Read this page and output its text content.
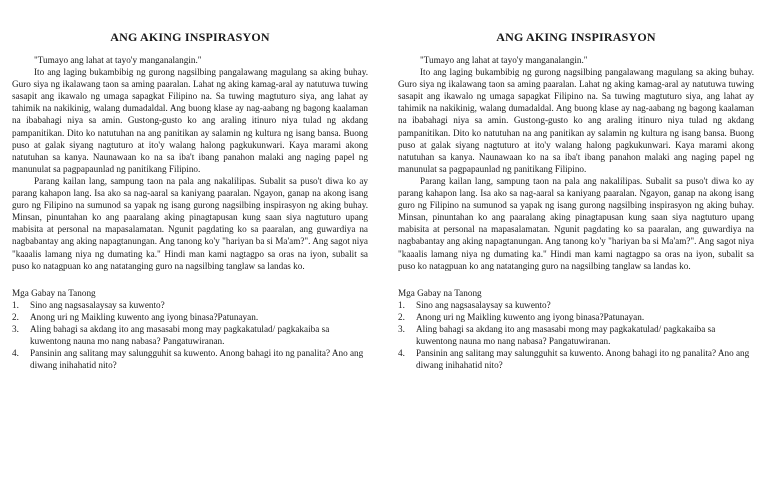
ANG AKING INSPIRASYON

"Tumayo ang lahat at tayo'y manganalangin."

Ito ang laging bukambibig ng gurong nagsilbing pangalawang magulang sa aking buhay. Guro siya ng ikalawang taon sa aming paaralan. Lahat ng aking kamag-aral ay natutuwa tuwing sasapit ang ikawalo ng umaga sapagkat Filipino na. Sa tuwing magtuturo siya, ang lahat ay tahimik na nakikinig, walang dumadaldal. Ang buong klase ay nag-aabang ng bagong kaalaman na ibabahagi niya sa amin. Gustong-gusto ko ang araling itinuro niya tulad ng akdang pampanitikan. Dito ko natutuhan na ang panitikan ay salamin ng kultura ng isang bansa. Buong puso at galak siyang nagtuturo at ito'y walang halong pagkukunwari. Kaya marami akong natutuhan sa kanya. Naunawaan ko na sa iba't ibang panahon malaki ang naging papel ng manunulat sa pagpapaunlad ng panitikang Filipino.

Parang kailan lang, sampung taon na pala ang nakalilipas. Subalit sa puso't diwa ko ay parang kahapon lang. Isa ako sa nag-aaral sa kaniyang paaralan. Ngayon, ganap na akong isang guro ng Filipino na sumunod sa yapak ng isang gurong nagsilbing inspirasyon ng aking buhay. Minsan, pinuntahan ko ang paaralang aking pinagtapusan kung saan siya nagtuturo upang mabisita at personal na mapasalamatan. Ngunit pagdating ko sa paaralan, ang guwardiya na nagbabantay ang aking napagtanungan. Ang tanong ko'y "hariyan ba si Ma'am?". Ang sagot niya "kaaalis lamang niya ng dumating ka." Hindi man kami nagtagpo sa oras na iyon, subalit sa puso ko natagpuan ko ang natatanging guro na nagsilbing tanglaw sa landas ko.

Mga Gabay na Tanong

1.	Sino ang nagsasalaysay sa kuwento?
2.	Anong uri ng Maikling kuwento ang iyong binasa?Patunayan.
3.	Aling bahagi sa akdang ito ang masasabi mong may pagkakatulad/ pagkakaiba sa kuwentong nauna mo nang nabasa? Pangatuwiranan.
4.	Pansinin ang salitang may salungguhit sa kuwento. Anong bahagi ito ng panalita? Ano ang diwang inihahatid nito?
ANG AKING INSPIRASYON

"Tumayo ang lahat at tayo'y manganalangin."

Ito ang laging bukambibig ng gurong nagsilbing pangalawang magulang sa aking buhay. Guro siya ng ikalawang taon sa aming paaralan. Lahat ng aking kamag-aral ay natutuwa tuwing sasapit ang ikawalo ng umaga sapagkat Filipino na. Sa tuwing magtuturo siya, ang lahat ay tahimik na nakikinig, walang dumadaldal. Ang buong klase ay nag-aabang ng bagong kaalaman na ibabahagi niya sa amin. Gustong-gusto ko ang araling itinuro niya tulad ng akdang pampanitikan. Dito ko natutuhan na ang panitikan ay salamin ng kultura ng isang bansa. Buong puso at galak siyang nagtuturo at ito'y walang halong pagkukunwari. Kaya marami akong natutuhan sa kanya. Naunawaan ko na sa iba't ibang panahon malaki ang naging papel ng manunulat sa pagpapaunlad ng panitikang Filipino.

Parang kailan lang, sampung taon na pala ang nakalilipas. Subalit sa puso't diwa ko ay parang kahapon lang. Isa ako sa nag-aaral sa kaniyang paaralan. Ngayon, ganap na akong isang guro ng Filipino na sumunod sa yapak ng isang gurong nagsilbing inspirasyon ng aking buhay. Minsan, pinuntahan ko ang paaralang aking pinagtapusan kung saan siya nagtuturo upang mabisita at personal na mapasalamatan. Ngunit pagdating ko sa paaralan, ang guwardiya na nagbabantay ang aking napagtanungan. Ang tanong ko'y "hariyan ba si Ma'am?". Ang sagot niya "kaaalis lamang niya ng dumating ka." Hindi man kami nagtagpo sa oras na iyon, subalit sa puso ko natagpuan ko ang natatanging guro na nagsilbing tanglaw sa landas ko.

Mga Gabay na Tanong

1.	Sino ang nagsasalaysay sa kuwento?
2.	Anong uri ng Maikling kuwento ang iyong binasa?Patunayan.
3.	Aling bahagi sa akdang ito ang masasabi mong may pagkakatulad/ pagkakaiba sa kuwentong nauna mo nang nabasa? Pangatuwiranan.
4.	Pansinin ang salitang may salungguhit sa kuwento. Anong bahagi ito ng panalita? Ano ang diwang inihahatid nito?
